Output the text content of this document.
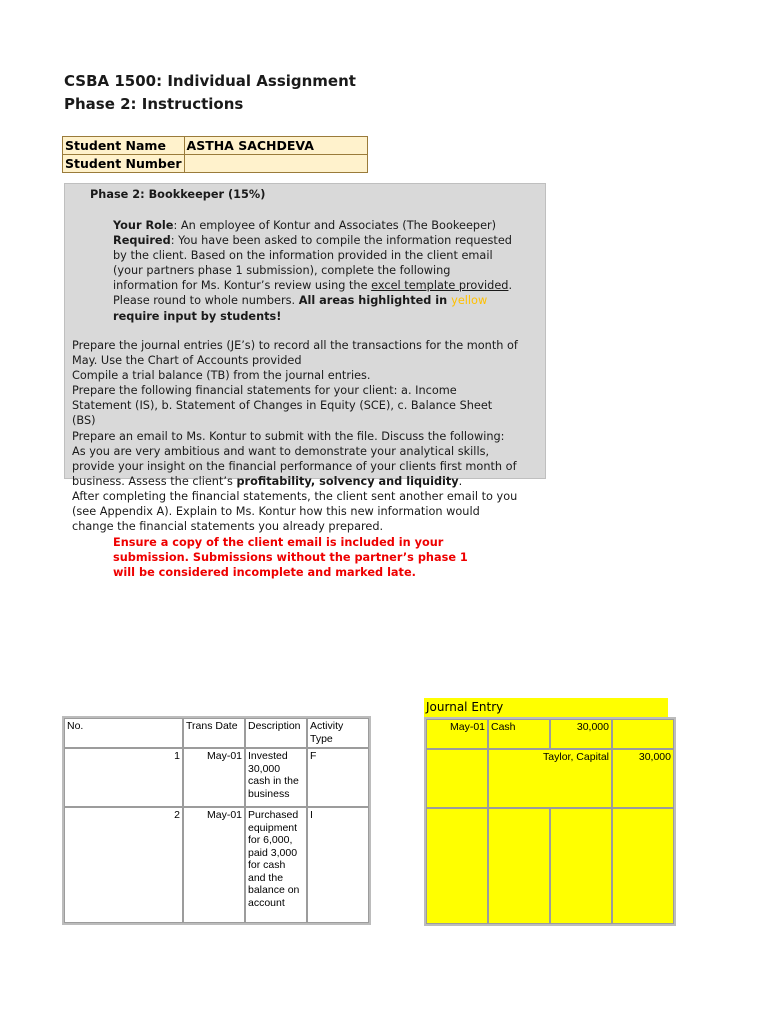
CSBA 1500: Individual Assignment
Phase 2: Instructions
Student Name	ASTHA SACHDEVA
Student Number	

Phase 2: Bookkeeper (15%)

Your Role: An employee of Kontur and Associates (The Bookeeper)
Required: You have been asked to compile the information requested by the client. Based on the information provided in the client email (your partners phase 1 submission), complete the following information for Ms. Kontur’s review using the excel template provided. Please round to whole numbers. All areas highlighted in yellow require input by students!

Prepare the journal entries (JE’s) to record all the transactions for the month of May. Use the Chart of Accounts provided

Compile a trial balance (TB) from the journal entries.

Prepare the following financial statements for your client: a. Income Statement (IS), b. Statement of Changes in Equity (SCE), c. Balance Sheet (BS)

Prepare an email to Ms. Kontur to submit with the file. Discuss the following: As you are very ambitious and want to demonstrate your analytical skills, provide your insight on the financial performance of your clients first month of business. Assess the client’s profitability, solvency and liquidity.

After completing the financial statements, the client sent another email to you (see Appendix A). Explain to Ms. Kontur how this new information would change the financial statements you already prepared.

Ensure a copy of the client email is included in your submission. Submissions without the partner’s phase 1 will be considered incomplete and marked late.

No.	Trans Date	Description	Activity Type
1	May-01	Invested 30,000 cash in the business	F
2	May-01	Purchased equipment for 6,000, paid 3,000 for cash and the balance on account	I
Journal Entry
May-01	Cash	30,000	
	Taylor, Capital		30,000
